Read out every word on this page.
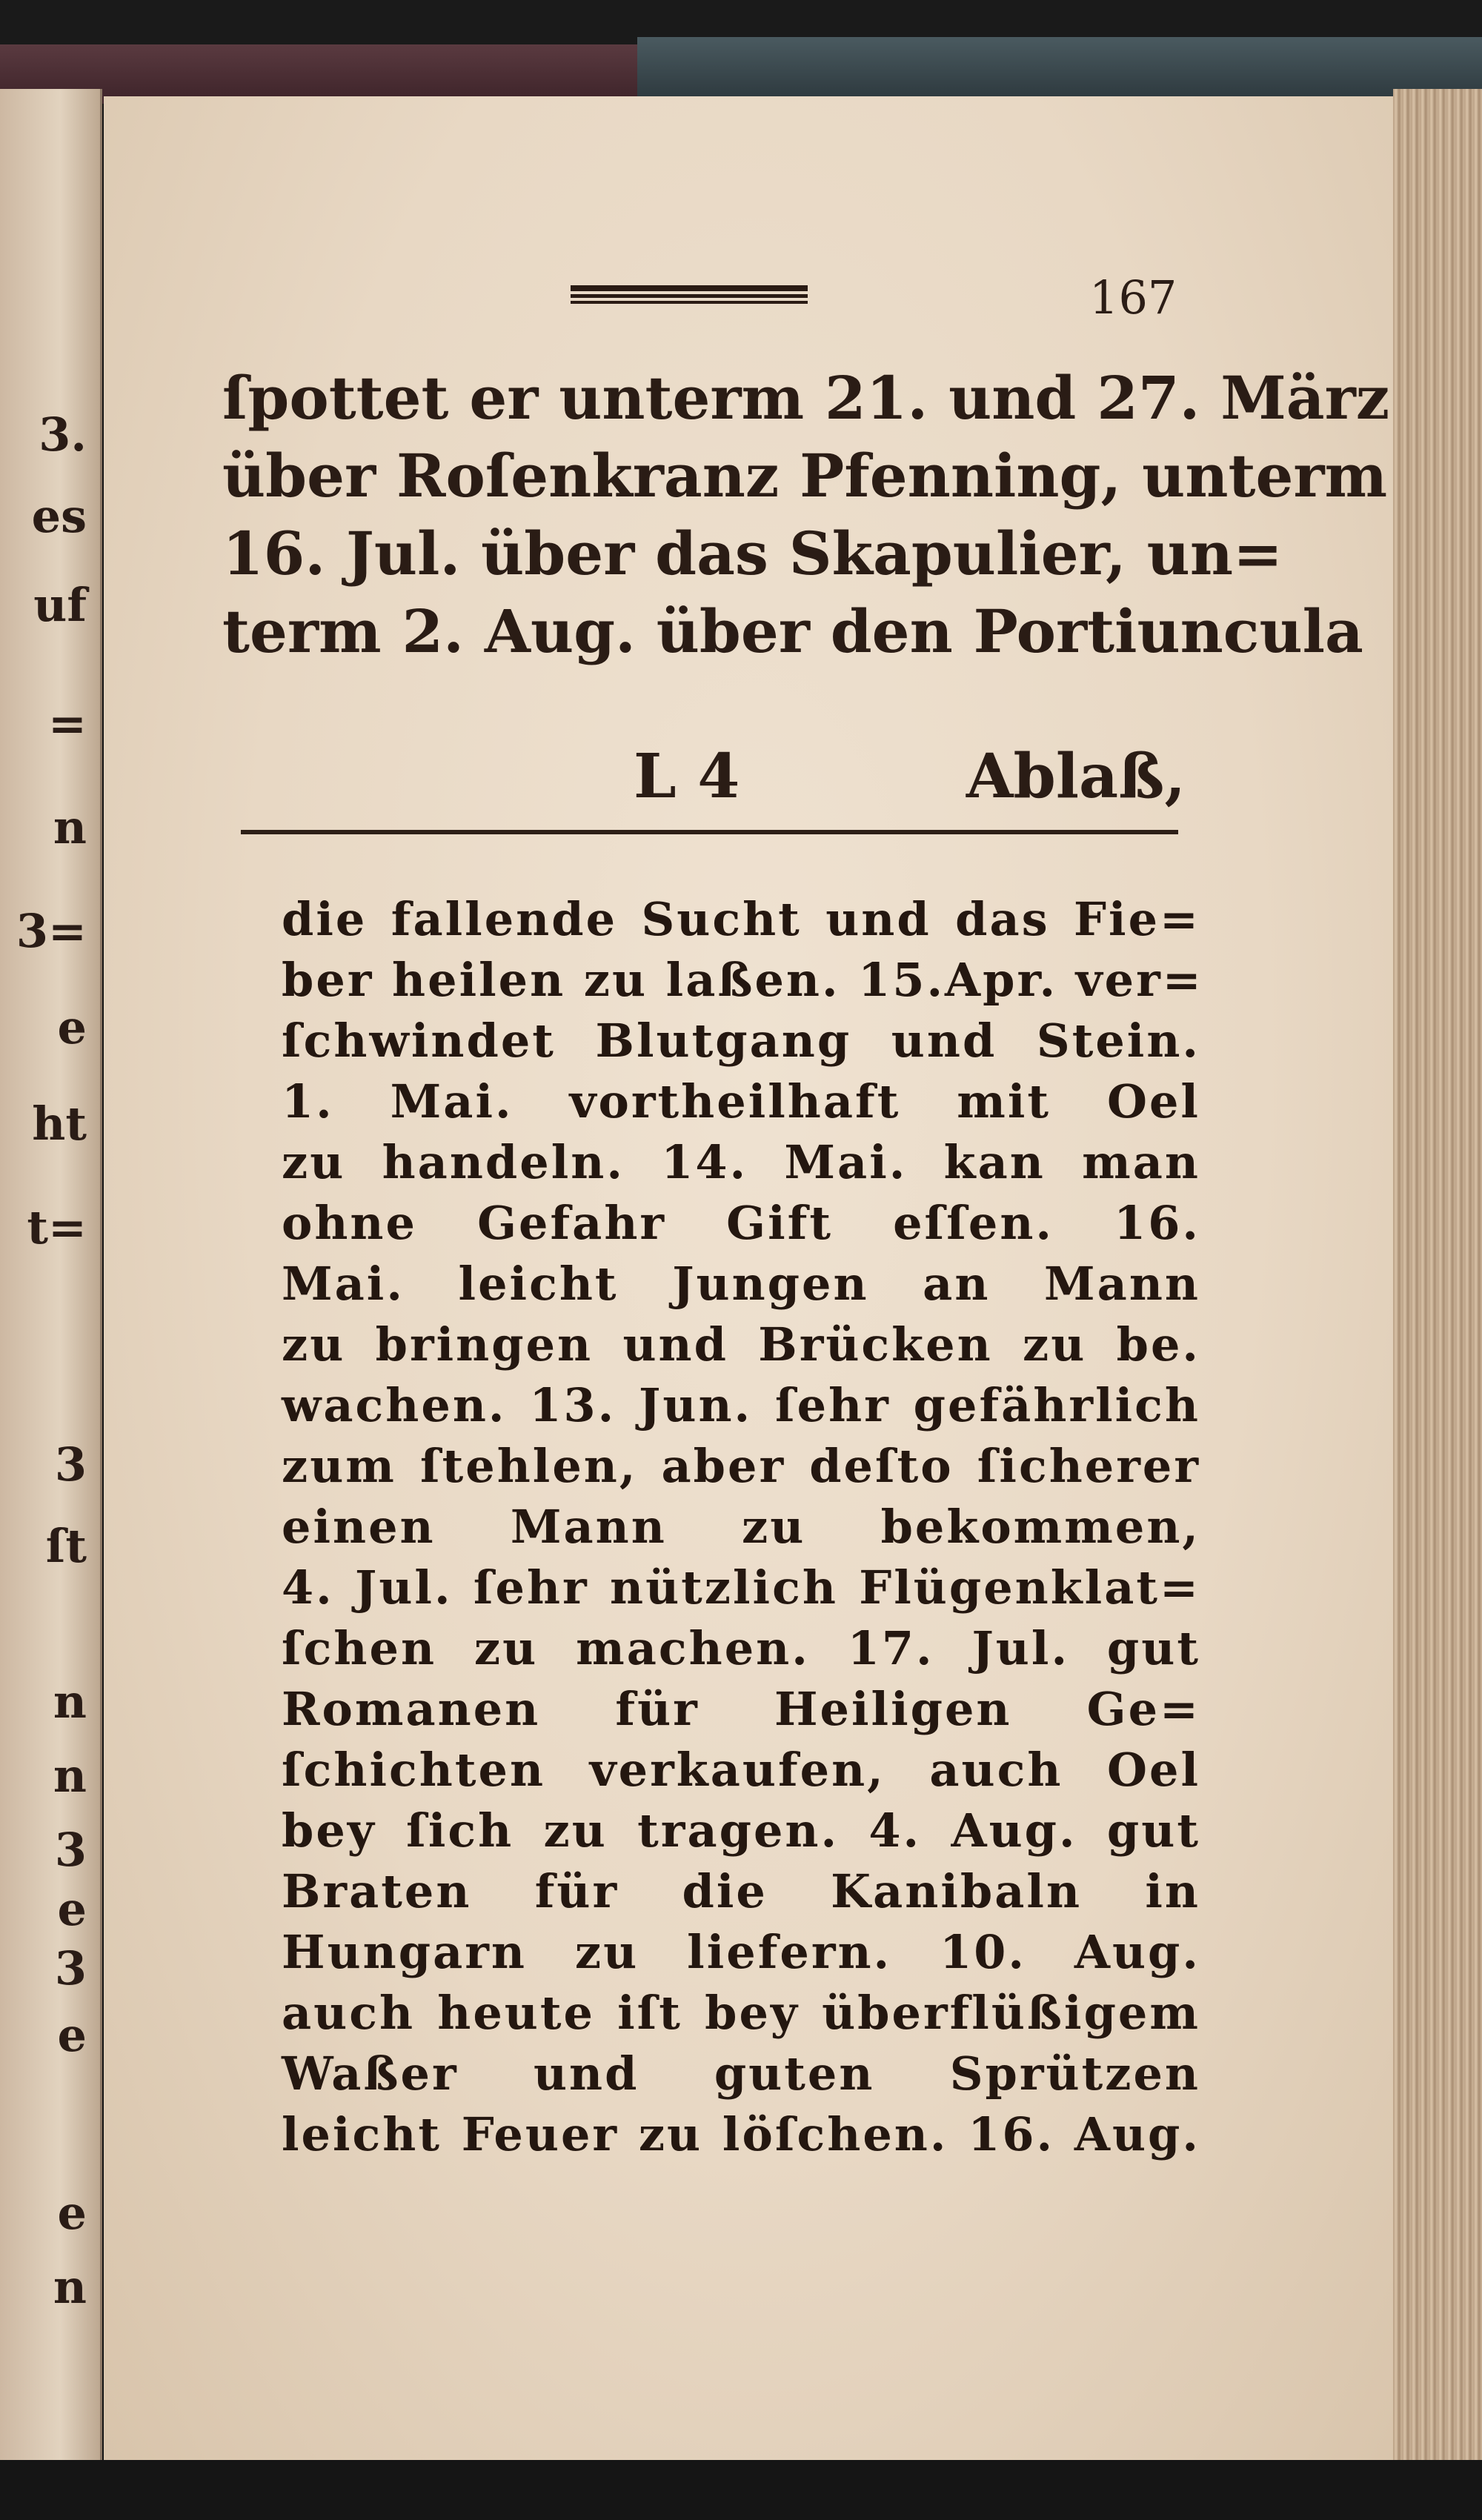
3.
es
uf
=
n
3=
e
ht
t=
3
ſt
n
n
3
e
3
e
e
n
167
ſpottet er unterm 21. und 27. März
über Roſenkranz Pfenning, unterm
16. Jul. über das Skapulier, un=
term 2. Aug. über den Portiuncula
L 4	Ablaß,
die fallende Sucht und das Fie=
ber heilen zu laßen. 15.Apr. ver=
ſchwindet Blutgang und Stein.
1. Mai. vortheilhaft mit Oel
zu handeln. 14. Mai. kan man
ohne Gefahr Gift eſſen. 16.
Mai. leicht Jungen an Mann
zu bringen und Brücken zu be.
wachen. 13. Jun. ſehr gefährlich
zum ſtehlen, aber deſto ſicherer
einen Mann zu bekommen,
4. Jul. ſehr nützlich Flügenklat=
ſchen zu machen. 17. Jul. gut
Romanen für Heiligen Ge=
ſchichten verkaufen, auch Oel
bey ſich zu tragen. 4. Aug. gut
Braten für die Kanibaln in
Hungarn zu liefern. 10. Aug.
auch heute iſt bey überflüßigem
Waßer und guten Sprützen
leicht Feuer zu löſchen. 16. Aug.
